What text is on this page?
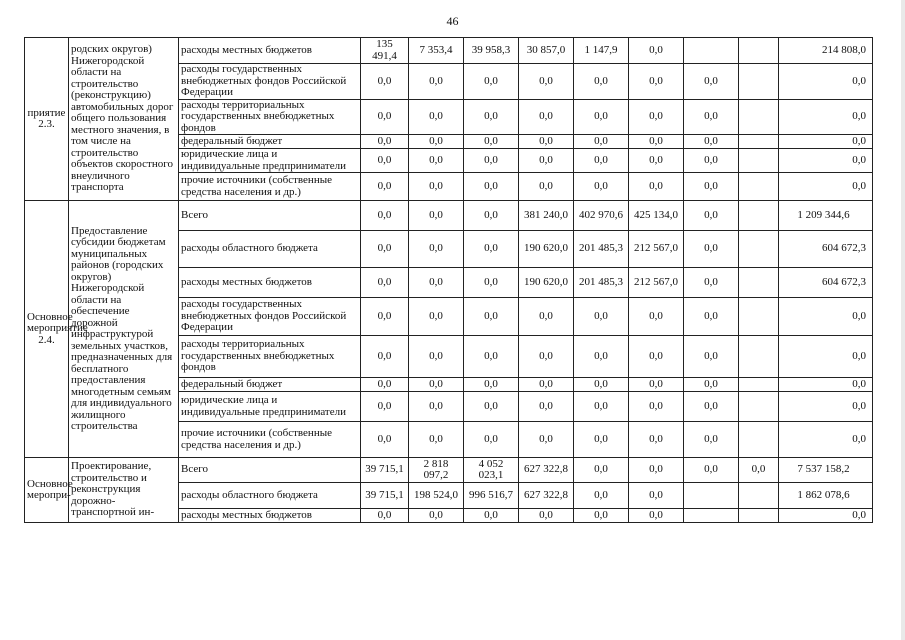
46
приятие 2.3.	родских округов) Нижегородской области на строительство (реконструкцию) автомобильных дорог общего пользования местного значения, в том числе на строительство объектов скоростного внеуличного транспорта	расходы местных бюджетов	135 491,4	7 353,4	39 958,3	30 857,0	1 147,9	0,0			214 808,0
		расходы государственных внебюджетных фондов Российской Федерации	0,0	0,0	0,0	0,0	0,0	0,0	0,0		0,0
		расходы территориальных государственных внебюджетных фондов	0,0	0,0	0,0	0,0	0,0	0,0	0,0		0,0
		федеральный бюджет	0,0	0,0	0,0	0,0	0,0	0,0	0,0		0,0
		юридические лица и индивидуальные предприниматели	0,0	0,0	0,0	0,0	0,0	0,0	0,0		0,0
		прочие источники (собственные средства населения и др.)	0,0	0,0	0,0	0,0	0,0	0,0	0,0		0,0
Основное мероприятие 2.4.	Предоставление субсидии бюджетам муниципальных районов (городских округов) Нижегородской области на обеспечение дорожной инфраструктурой земельных участков, предназначенных для бесплатного предоставления многодетным семьям для индивидуального жилищного строительства	Всего	0,0	0,0	0,0	381 240,0	402 970,6	425 134,0	0,0		1 209 344,6
		расходы областного бюджета	0,0	0,0	0,0	190 620,0	201 485,3	212 567,0	0,0		604 672,3
		расходы местных бюджетов	0,0	0,0	0,0	190 620,0	201 485,3	212 567,0	0,0		604 672,3
		расходы государственных внебюджетных фондов Российской Федерации	0,0	0,0	0,0	0,0	0,0	0,0	0,0		0,0
		расходы территориальных государственных внебюджетных фондов	0,0	0,0	0,0	0,0	0,0	0,0	0,0		0,0
		федеральный бюджет	0,0	0,0	0,0	0,0	0,0	0,0	0,0		0,0
		юридические лица и индивидуальные предприниматели	0,0	0,0	0,0	0,0	0,0	0,0	0,0		0,0
		прочие источники (собственные средства населения и др.)	0,0	0,0	0,0	0,0	0,0	0,0	0,0		0,0
Основное меропри-	Проектирование, строительство и реконструкция дорожно-транспортной ин-	Всего	39 715,1	2 818 097,2	4 052 023,1	627 322,8	0,0	0,0	0,0	0,0	7 537 158,2
		расходы областного бюджета	39 715,1	198 524,0	996 516,7	627 322,8	0,0	0,0			1 862 078,6
		расходы местных бюджетов	0,0	0,0	0,0	0,0	0,0	0,0			0,0
